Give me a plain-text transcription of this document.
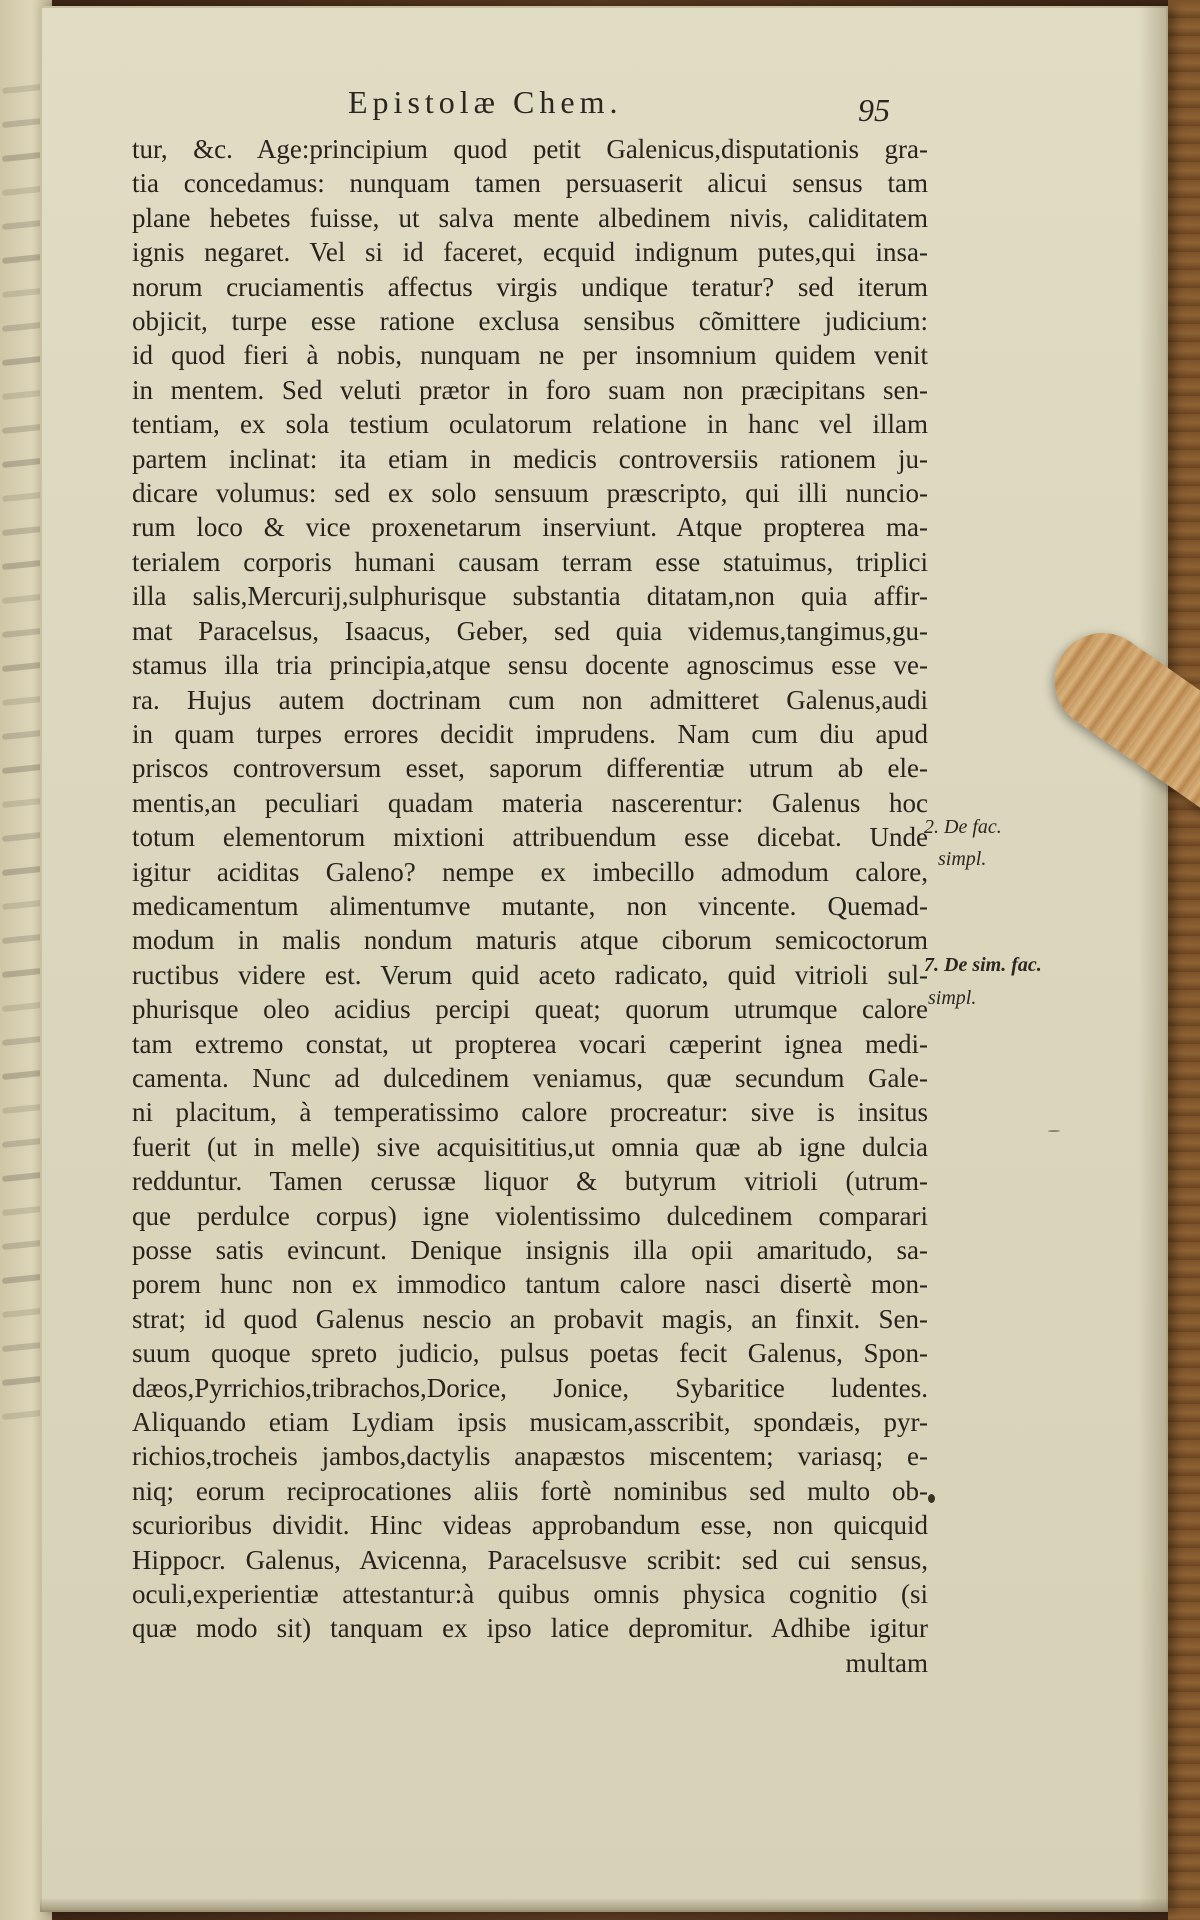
Epistolæ Chem.	95
tur, &c. Age:principium quod petit Galenicus,disputationis gra-
tia concedamus: nunquam tamen persuaserit alicui sensus tam
plane hebetes fuisse, ut salva mente albedinem nivis, caliditatem
ignis negaret. Vel si id faceret, ecquid indignum putes,qui insa-
norum cruciamentis affectus virgis undique teratur? sed iterum
objicit, turpe esse ratione exclusa sensibus cõmittere judicium:
id quod fieri à nobis, nunquam ne per insomnium quidem venit
in mentem. Sed veluti prætor in foro suam non præcipitans sen-
tentiam, ex sola testium oculatorum relatione in hanc vel illam
partem inclinat: ita etiam in medicis controversiis rationem ju-
dicare volumus: sed ex solo sensuum præscripto, qui illi nuncio-
rum loco & vice proxenetarum inserviunt. Atque propterea ma-
terialem corporis humani causam terram esse statuimus, triplici
illa salis,Mercurij,sulphurisque substantia ditatam,non quia affir-
mat Paracelsus, Isaacus, Geber, sed quia videmus,tangimus,gu-
stamus illa tria principia,atque sensu docente agnoscimus esse ve-
ra. Hujus autem doctrinam cum non admitteret Galenus,audi
in quam turpes errores decidit imprudens. Nam cum diu apud
priscos controversum esset, saporum differentiæ utrum ab ele-
mentis,an peculiari quadam materia nascerentur: Galenus hoc
totum elementorum mixtioni attribuendum esse dicebat. Unde
igitur aciditas Galeno? nempe ex imbecillo admodum calore,
medicamentum alimentumve mutante, non vincente. Quemad-
modum in malis nondum maturis atque ciborum semicoctorum
ructibus videre est. Verum quid aceto radicato, quid vitrioli sul-
phurisque oleo acidius percipi queat; quorum utrumque calore
tam extremo constat, ut propterea vocari cæperint ignea medi-
camenta. Nunc ad dulcedinem veniamus, quæ secundum Gale-
ni placitum, à temperatissimo calore procreatur: sive is insitus
fuerit (ut in melle) sive acquisititius,ut omnia quæ ab igne dulcia
redduntur. Tamen cerussæ liquor & butyrum vitrioli (utrum-
que perdulce corpus) igne violentissimo dulcedinem comparari
posse satis evincunt. Denique insignis illa opii amaritudo, sa-
porem hunc non ex immodico tantum calore nasci disertè mon-
strat; id quod Galenus nescio an probavit magis, an finxit. Sen-
suum quoque spreto judicio, pulsus poetas fecit Galenus, Spon-
dæos,Pyrrichios,tribrachos,Dorice, Jonice, Sybaritice ludentes.
Aliquando etiam Lydiam ipsis musicam,asscribit, spondæis, pyr-
richios,trocheis jambos,dactylis anapæstos miscentem; variasq; e-
niq; eorum reciprocationes aliis fortè nominibus sed multo ob-
scurioribus dividit. Hinc videas approbandum esse, non quicquid
Hippocr. Galenus, Avicenna, Paracelsusve scribit: sed cui sensus,
oculi,experientiæ attestantur:à quibus omnis physica cognitio (si
quæ modo sit) tanquam ex ipso latice depromitur. Adhibe igitur
multam
2. De fac.
simpl.
7. De sim. fac.
simpl.
